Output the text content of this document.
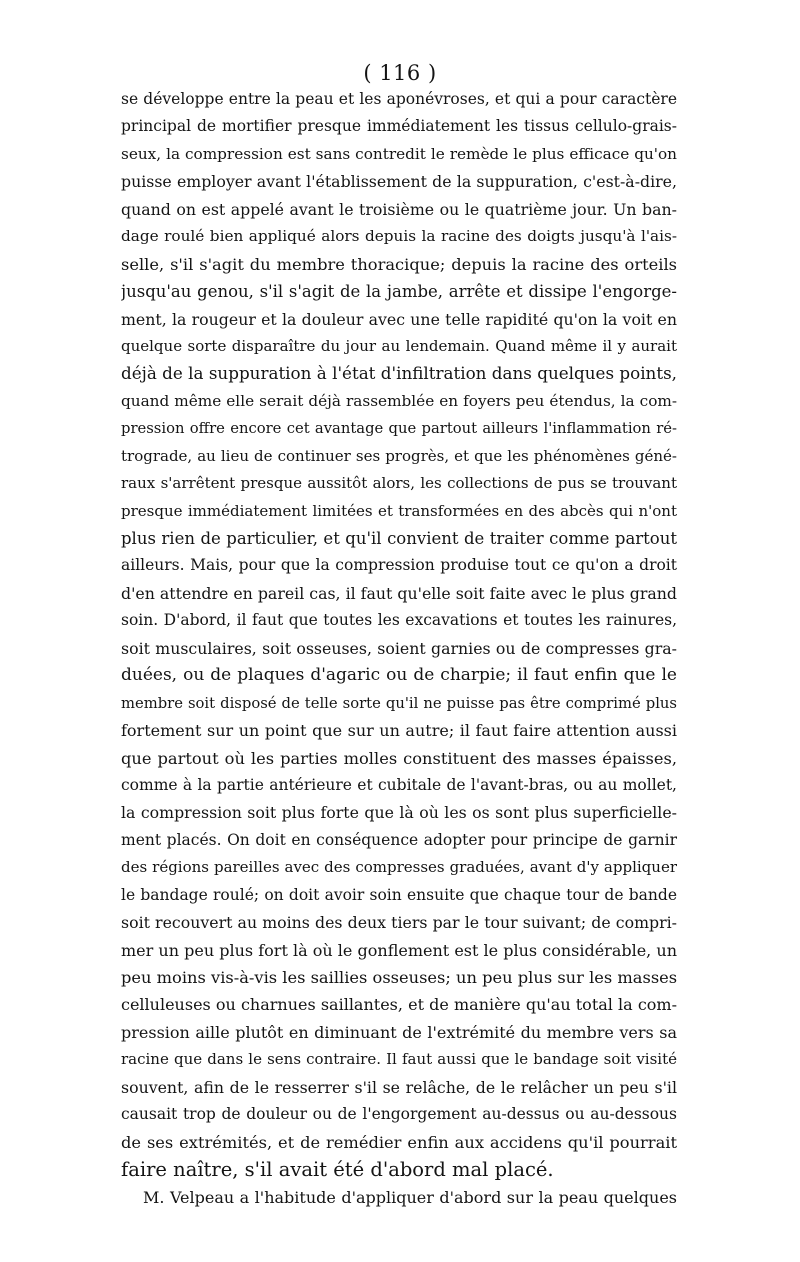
( 116 )
se développe entre la peau et les aponévroses, et qui a pour caractère
principal de mortifier presque immédiatement les tissus cellulo-grais-
seux, la compression est sans contredit le remède le plus efficace qu'on
puisse employer avant l'établissement de la suppuration, c'est-à-dire,
quand on est appelé avant le troisième ou le quatrième jour. Un ban-
dage roulé bien appliqué alors depuis la racine des doigts jusqu'à l'ais-
selle, s'il s'agit du membre thoracique; depuis la racine des orteils
jusqu'au genou, s'il s'agit de la jambe, arrête et dissipe l'engorge-
ment, la rougeur et la douleur avec une telle rapidité qu'on la voit en
quelque sorte disparaître du jour au lendemain. Quand même il y aurait
déjà de la suppuration à l'état d'infiltration dans quelques points,
quand même elle serait déjà rassemblée en foyers peu étendus, la com-
pression offre encore cet avantage que partout ailleurs l'inflammation ré-
trograde, au lieu de continuer ses progrès, et que les phénomènes géné-
raux s'arrêtent presque aussitôt alors, les collections de pus se trouvant
presque immédiatement limitées et transformées en des abcès qui n'ont
plus rien de particulier, et qu'il convient de traiter comme partout
ailleurs. Mais, pour que la compression produise tout ce qu'on a droit
d'en attendre en pareil cas, il faut qu'elle soit faite avec le plus grand
soin. D'abord, il faut que toutes les excavations et toutes les rainures,
soit musculaires, soit osseuses, soient garnies ou de compresses gra-
duées, ou de plaques d'agaric ou de charpie; il faut enfin que le
membre soit disposé de telle sorte qu'il ne puisse pas être comprimé plus
fortement sur un point que sur un autre; il faut faire attention aussi
que partout où les parties molles constituent des masses épaisses,
comme à la partie antérieure et cubitale de l'avant-bras, ou au mollet,
la compression soit plus forte que là où les os sont plus superficielle-
ment placés. On doit en conséquence adopter pour principe de garnir
des régions pareilles avec des compresses graduées, avant d'y appliquer
le bandage roulé; on doit avoir soin ensuite que chaque tour de bande
soit recouvert au moins des deux tiers par le tour suivant; de compri-
mer un peu plus fort là où le gonflement est le plus considérable, un
peu moins vis-à-vis les saillies osseuses; un peu plus sur les masses
celluleuses ou charnues saillantes, et de manière qu'au total la com-
pression aille plutôt en diminuant de l'extrémité du membre vers sa
racine que dans le sens contraire. Il faut aussi que le bandage soit visité
souvent, afin de le resserrer s'il se relâche, de le relâcher un peu s'il
causait trop de douleur ou de l'engorgement au-dessus ou au-dessous
de ses extrémités, et de remédier enfin aux accidens qu'il pourrait
faire naître, s'il avait été d'abord mal placé.
M. Velpeau a l'habitude d'appliquer d'abord sur la peau quelques
